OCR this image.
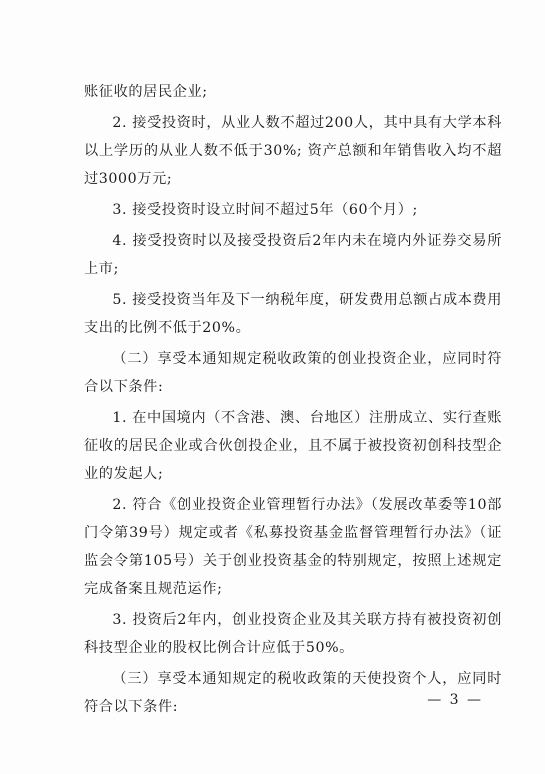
账征收的居民企业;

2. 接受投资时，从业人数不超过200人，其中具有大学本科以上学历的从业人数不低于30%; 资产总额和年销售收入均不超过3000万元;

3. 接受投资时设立时间不超过5年（60个月）;

4. 接受投资时以及接受投资后2年内未在境内外证券交易所上市;

5. 接受投资当年及下一纳税年度，研发费用总额占成本费用支出的比例不低于20%。

（二）享受本通知规定税收政策的创业投资企业，应同时符合以下条件:

1. 在中国境内（不含港、澳、台地区）注册成立、实行查账征收的居民企业或合伙创投企业，且不属于被投资初创科技型企业的发起人;

2. 符合《创业投资企业管理暂行办法》（发展改革委等10部门令第39号）规定或者《私募投资基金监督管理暂行办法》（证监会令第105号）关于创业投资基金的特别规定，按照上述规定完成备案且规范运作;

3. 投资后2年内，创业投资企业及其关联方持有被投资初创科技型企业的股权比例合计应低于50%。

（三）享受本通知规定的税收政策的天使投资个人，应同时符合以下条件:	— 3 —
